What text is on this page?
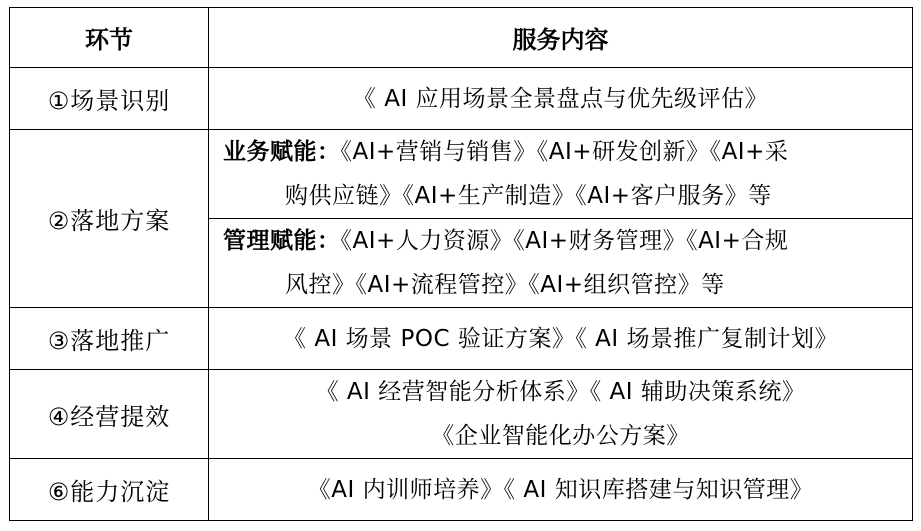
环节	服务内容
①场景识别	《 AI 应用场景全景盘点与优先级评估》
②落地方案	业务赋能：《AI+营销与销售》《AI+研发创新》《AI+采
购供应链》《AI+生产制造》《AI+客户服务》等

	管理赋能：《AI+人力资源》《AI+财务管理》《AI+合规
风控》《AI+流程管控》《AI+组织管控》等

③落地推广	《 AI 场景 POC 验证方案》《 AI 场景推广复制计划》
④经营提效	《 AI 经营智能分析体系》《 AI 辅助决策系统》
《企业智能化办公方案》

⑥能力沉淀	《AI 内训师培养》《 AI 知识库搭建与知识管理》
